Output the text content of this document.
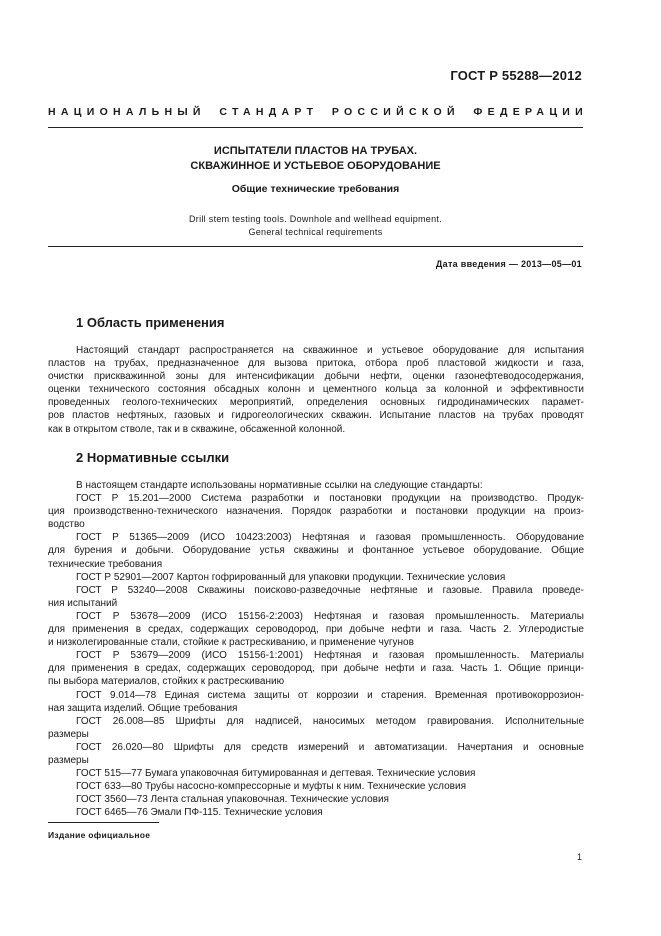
ГОСТ Р 55288—2012
НАЦИОНАЛЬНЫЙ СТАНДАРТ РОССИЙСКОЙ ФЕДЕРАЦИИ
ИСПЫТАТЕЛИ ПЛАСТОВ НА ТРУБАХ.
СКВАЖИННОЕ И УСТЬЕВОЕ ОБОРУДОВАНИЕ
Общие технические требования
Drill stem testing tools. Downhole and wellhead equipment.
General technical requirements
Дата введения — 2013—05—01
1 Область применения
Настоящий стандарт распространяется на скважинное и устьевое оборудование для испытания
пластов на трубах, предназначенное для вызова притока, отбора проб пластовой жидкости и газа,
очистки прискважинной зоны для интенсификации добычи нефти, оценки газонефтеводосодержания,
оценки технического состояния обсадных колонн и цементного кольца за колонной и эффективности
проведенных геолого-технических мероприятий, определения основных гидродинамических парамет-
ров пластов нефтяных, газовых и гидрогеологических скважин. Испытание пластов на трубах проводят
как в открытом стволе, так и в скважине, обсаженной колонной.
2 Нормативные ссылки
В настоящем стандарте использованы нормативные ссылки на следующие стандарты:
ГОСТ Р 15.201—2000 Система разработки и постановки продукции на производство. Продук-
ция производственно-технического назначения. Порядок разработки и постановки продукции на произ-
водство
ГОСТ Р 51365—2009 (ИСО 10423:2003) Нефтяная и газовая промышленность. Оборудование
для бурения и добычи. Оборудование устья скважины и фонтанное устьевое оборудование. Общие
технические требования
ГОСТ Р 52901—2007 Картон гофрированный для упаковки продукции. Технические условия
ГОСТ Р 53240—2008 Скважины поисково-разведочные нефтяные и газовые. Правила проведе-
ния испытаний
ГОСТ Р 53678—2009 (ИСО 15156-2:2003) Нефтяная и газовая промышленность. Материалы
для применения в средах, содержащих сероводород, при добыче нефти и газа. Часть 2. Углеродистые
и низколегированные стали, стойкие к растрескиванию, и применение чугунов
ГОСТ Р 53679—2009 (ИСО 15156-1:2001) Нефтяная и газовая промышленность. Материалы
для применения в средах, содержащих сероводород, при добыче нефти и газа. Часть 1. Общие принци-
пы выбора материалов, стойких к растрескиванию
ГОСТ 9.014—78 Единая система защиты от коррозии и старения. Временная противокоррозион-
ная защита изделий. Общие требования
ГОСТ 26.008—85 Шрифты для надписей, наносимых методом гравирования. Исполнительные
размеры
ГОСТ 26.020—80 Шрифты для средств измерений и автоматизации. Начертания и основные
размеры
ГОСТ 515—77 Бумага упаковочная битумированная и дегтевая. Технические условия
ГОСТ 633—80 Трубы насосно-компрессорные и муфты к ним. Технические условия
ГОСТ 3560—73 Лента стальная упаковочная. Технические условия
ГОСТ 6465—76 Эмали ПФ-115. Технические условия
Издание официальное
1
